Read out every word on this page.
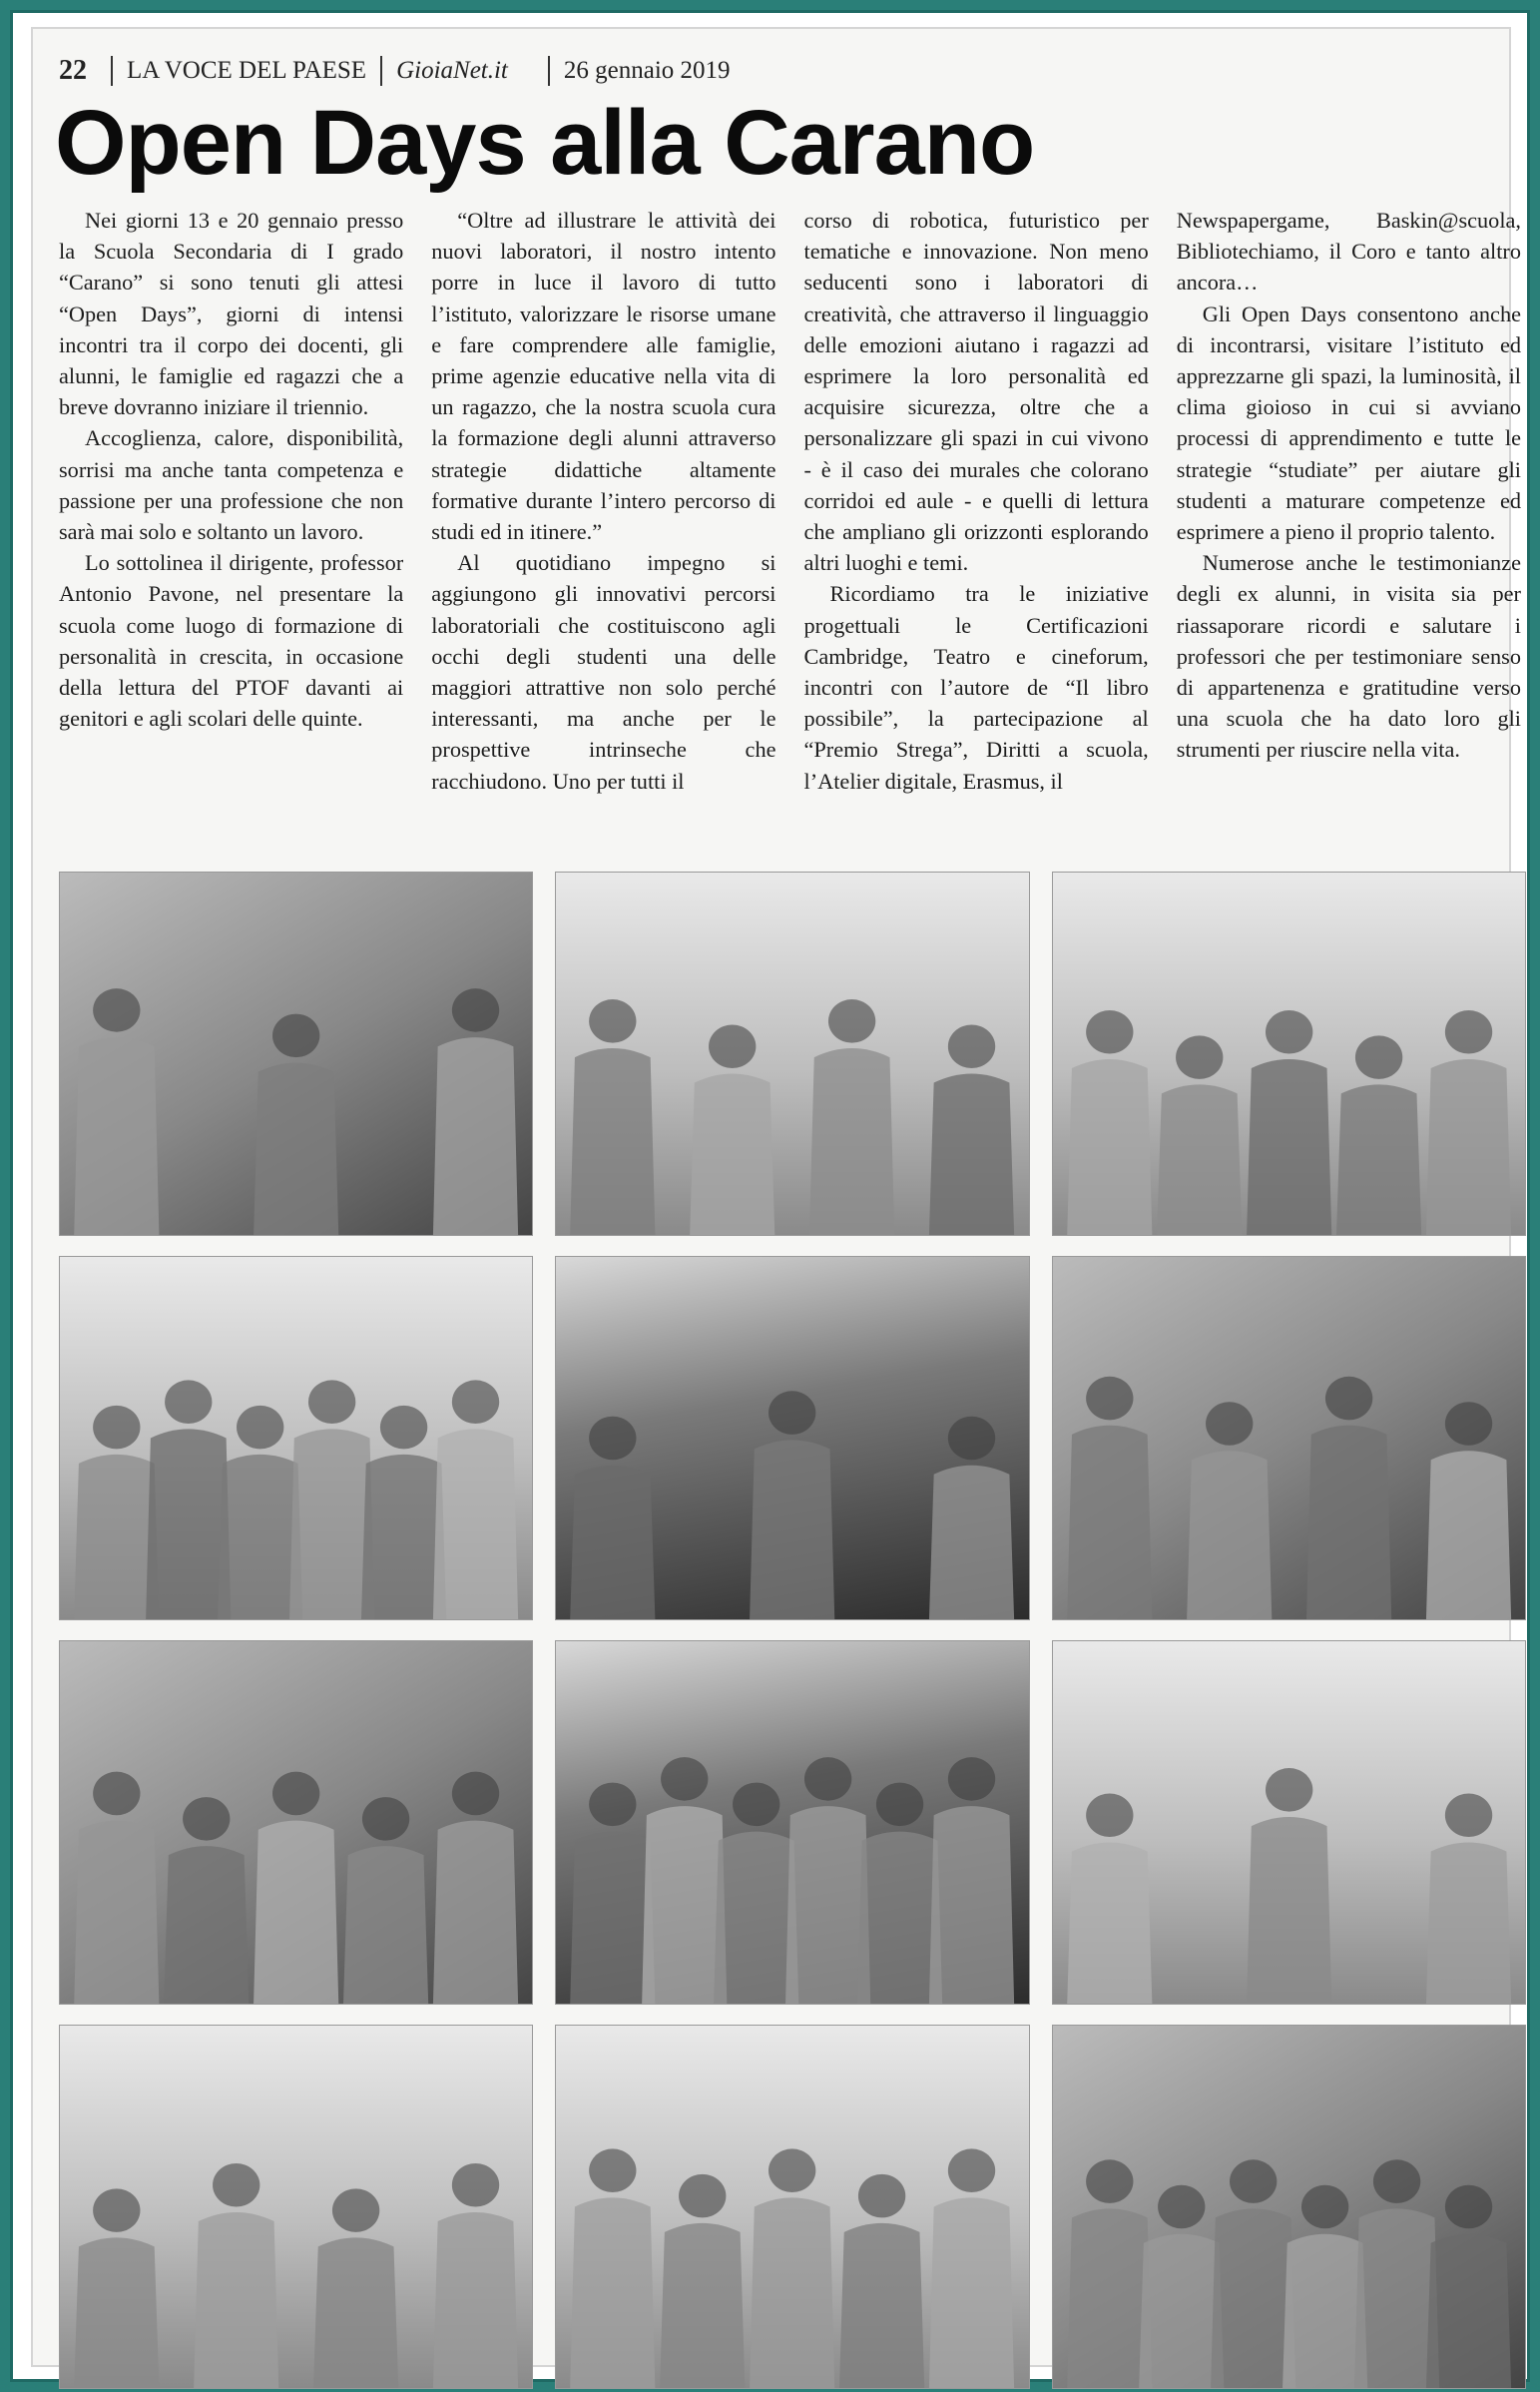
22 LA VOCE DEL PAESE GioiaNet.it 26 gennaio 2019
Open Days alla Carano

Nei giorni 13 e 20 gennaio presso la Scuola Secondaria di I grado “Carano” si sono tenuti gli attesi “Open Days”, giorni di intensi incontri tra il corpo dei docenti, gli alunni, le famiglie ed ragazzi che a breve dovranno iniziare il triennio.

Accoglienza, calore, disponibilità, sorrisi ma anche tanta competenza e passione per una professione che non sarà mai solo e soltanto un lavoro.

Lo sottolinea il dirigente, professor Antonio Pavone, nel presentare la scuola come luogo di formazione di personalità in crescita, in occasione della lettura del PTOF davanti ai genitori e agli scolari delle quinte.

“Oltre ad illustrare le attività dei nuovi laboratori, il nostro intento porre in luce il lavoro di tutto l’istituto, valorizzare le risorse umane e fare comprendere alle famiglie, prime agenzie educative nella vita di un ragazzo, che la nostra scuola cura la formazione degli alunni attraverso strategie didattiche altamente formative durante l’intero percorso di studi ed in itinere.”

Al quotidiano impegno si aggiungono gli innovativi percorsi laboratoriali che costituiscono agli occhi degli studenti una delle maggiori attrattive non solo perché interessanti, ma anche per le prospettive intrinseche che racchiudono. Uno per tutti il

corso di robotica, futuristico per tematiche e innovazione. Non meno seducenti sono i laboratori di creatività, che attraverso il linguaggio delle emozioni aiutano i ragazzi ad esprimere la loro personalità ed acquisire sicurezza, oltre che a personalizzare gli spazi in cui vivono - è il caso dei murales che colorano corridoi ed aule - e quelli di lettura che ampliano gli orizzonti esplorando altri luoghi e temi.

Ricordiamo tra le iniziative progettuali le Certificazioni Cambridge, Teatro e cineforum, incontri con l’autore de “Il libro possibile”, la partecipazione al “Premio Strega”, Diritti a scuola, l’Atelier digitale, Erasmus, il

Newspapergame, Baskin@scuola, Bibliotechiamo, il Coro e tanto altro ancora…

Gli Open Days consentono anche di incontrarsi, visitare l’istituto ed apprezzarne gli spazi, la luminosità, il clima gioioso in cui si avviano processi di apprendimento e tutte le strategie “studiate” per aiutare gli studenti a maturare competenze ed esprimere a pieno il proprio talento.

Numerose anche le testimonianze degli ex alunni, in visita sia per riassaporare ricordi e salutare i professori che per testimoniare senso di appartenenza e gratitudine verso una scuola che ha dato loro gli strumenti per riuscire nella vita.
